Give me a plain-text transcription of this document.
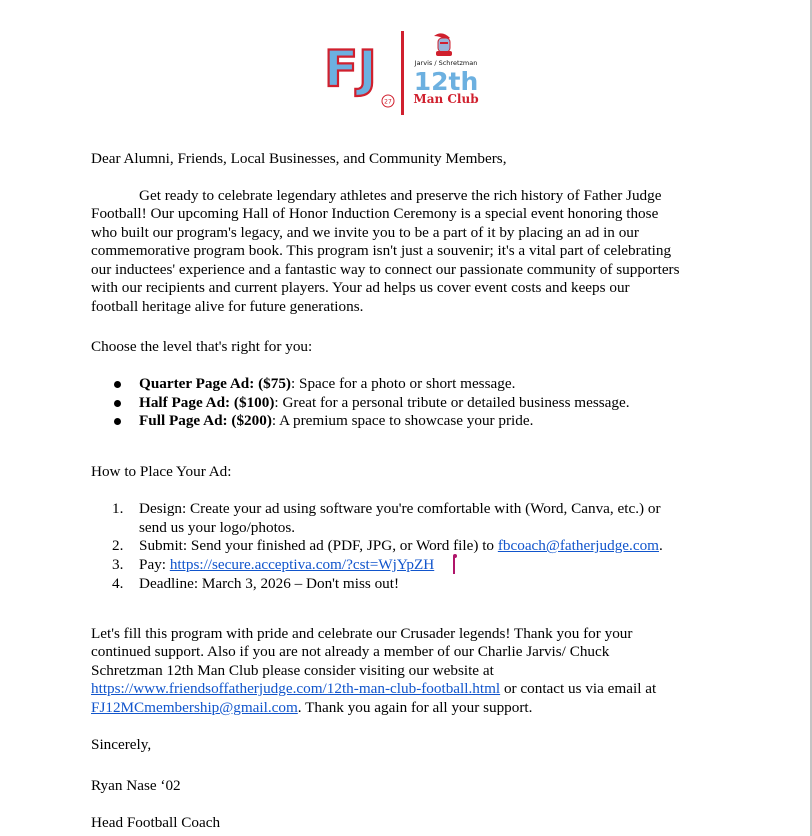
FJ
27
Jarvis / Schretzman
12th
Man Club
Dear Alumni, Friends, Local Businesses, and Community Members,
Get ready to celebrate legendary athletes and preserve the rich history of Father Judge
Football! Our upcoming Hall of Honor Induction Ceremony is a special event honoring those
who built our program's legacy, and we invite you to be a part of it by placing an ad in our
commemorative program book. This program isn't just a souvenir; it's a vital part of celebrating
our inductees' experience and a fantastic way to connect our passionate community of supporters
with our recipients and current players. Your ad helps us cover event costs and keeps our
football heritage alive for future generations.
Choose the level that's right for you:
Quarter Page Ad: ($75): Space for a photo or short message.
Half Page Ad: ($100): Great for a personal tribute or detailed business message.
Full Page Ad: ($200): A premium space to showcase your pride.
How to Place Your Ad:
1. Design: Create your ad using software you're comfortable with (Word, Canva, etc.) or
send us your logo/photos.
2. Submit: Send your finished ad (PDF, JPG, or Word file) to fbcoach@fatherjudge.com.
3. Pay: https://secure.acceptiva.com/?cst=WjYpZH
4. Deadline: March 3, 2026 – Don't miss out!
Let's fill this program with pride and celebrate our Crusader legends! Thank you for your
continued support. Also if you are not already a member of our Charlie Jarvis/ Chuck
Schretzman 12th Man Club please consider visiting our website at
https://www.friendsoffatherjudge.com/12th-man-club-football.html or contact us via email at
FJ12MCmembership@gmail.com. Thank you again for all your support.
Sincerely,
Ryan Nase ‘02
Head Football Coach
